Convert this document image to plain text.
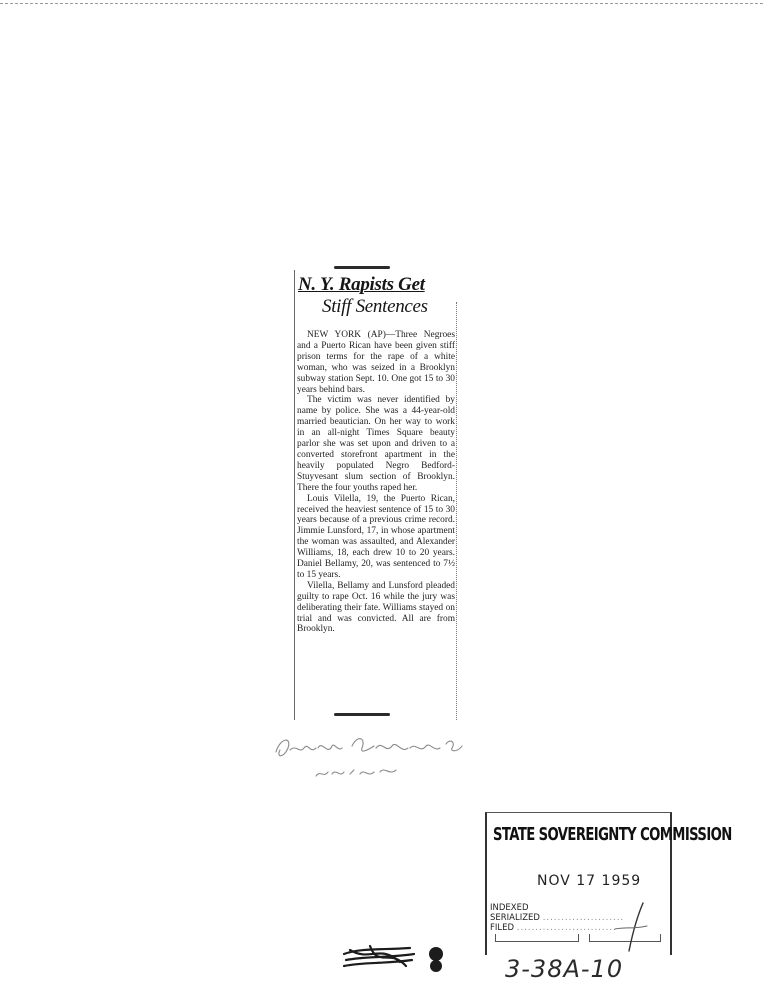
N. Y. Rapists Get
Stiff Sentences

NEW YORK (AP)—Three Negroes and a Puerto Rican have been given stiff prison terms for the rape of a white woman, who was seized in a Brooklyn subway station Sept. 10. One got 15 to 30 years behind bars.

The victim was never identified by name by police. She was a 44-year-old married beautician. On her way to work in an all-night Times Square beauty parlor she was set upon and driven to a converted storefront apartment in the heavily populated Negro Bedford-Stuyvesant slum section of Brooklyn. There the four youths raped her.

Louis Vilella, 19, the Puerto Rican, received the heaviest sentence of 15 to 30 years because of a previous crime record. Jimmie Lunsford, 17, in whose apartment the woman was assaulted, and Alexander Williams, 18, each drew 10 to 20 years. Daniel Bellamy, 20, was sentenced to 7½ to 15 years.

Vilella, Bellamy and Lunsford pleaded guilty to rape Oct. 16 while the jury was deliberating their fate. Williams stayed on trial and was convicted. All are from Brooklyn.

STATE SOVEREIGNTY COMMISSION
NOV 17 1959
INDEXED
SERIALIZED ......................
FILED ...........................
3-38A-10
